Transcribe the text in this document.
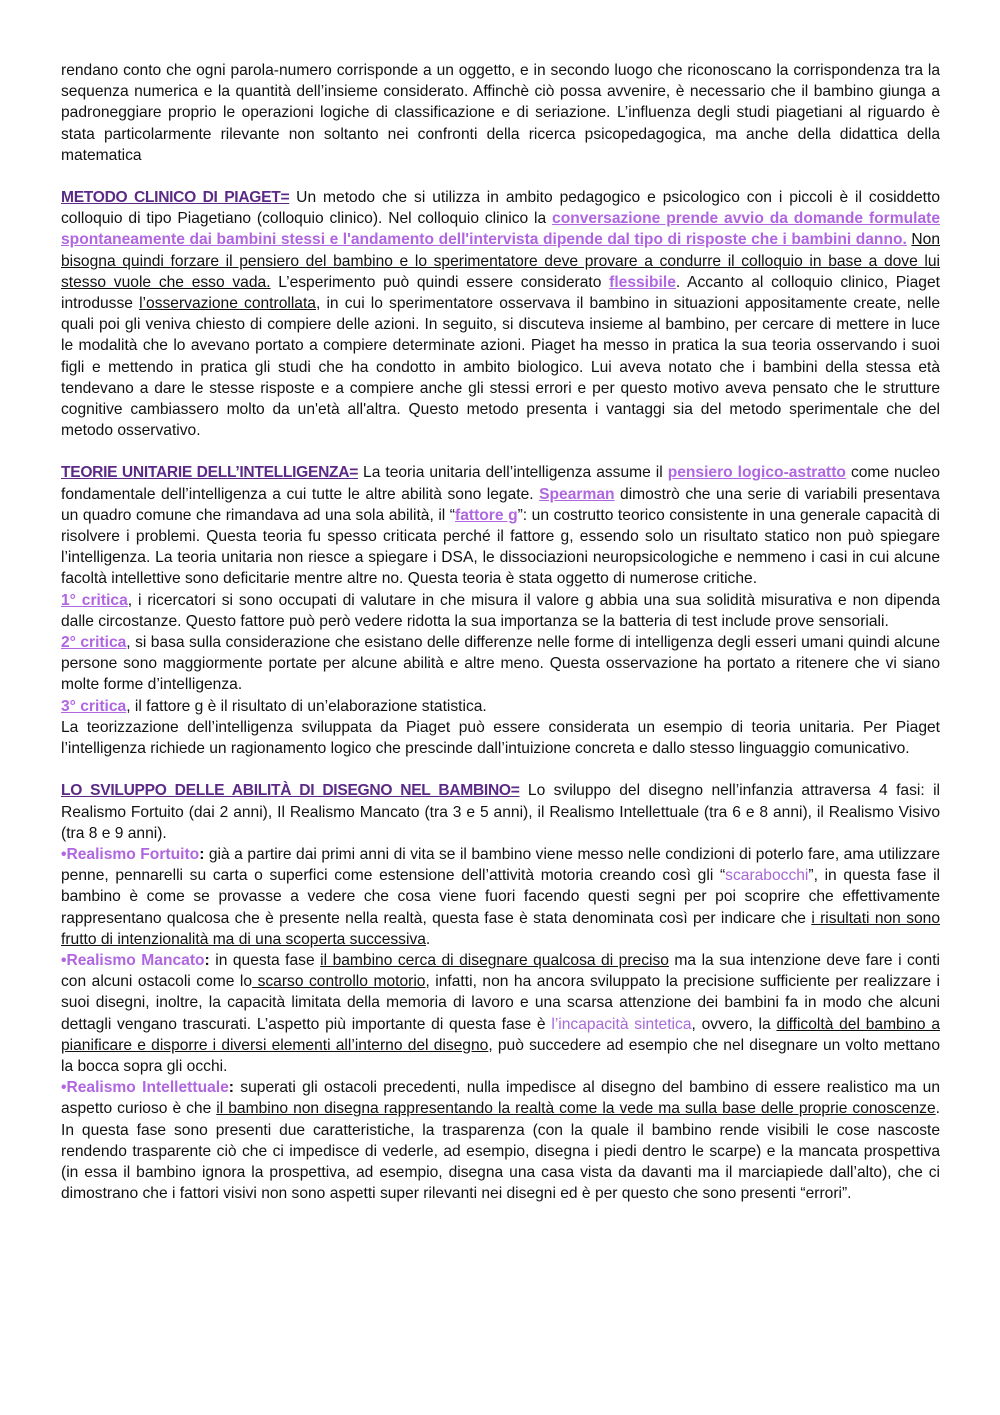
rendano conto che ogni parola-numero corrisponde a un oggetto, e in secondo luogo che riconoscano la corrispondenza tra la sequenza numerica e la quantità dell’insieme considerato. Affinchè ciò possa avvenire, è necessario che il bambino giunga a padroneggiare proprio le operazioni logiche di classificazione e di seriazione. L’influenza degli studi piagetiani al riguardo è stata particolarmente rilevante non soltanto nei confronti della ricerca psicopedagogica, ma anche della didattica della matematica

METODO CLINICO DI PIAGET= Un metodo che si utilizza in ambito pedagogico e psicologico con i piccoli è il cosiddetto colloquio di tipo Piagetiano (colloquio clinico). Nel colloquio clinico la conversazione prende avvio da domande formulate spontaneamente dai bambini stessi e l'andamento dell'intervista dipende dal tipo di risposte che i bambini danno. Non bisogna quindi forzare il pensiero del bambino e lo sperimentatore deve provare a condurre il colloquio in base a dove lui stesso vuole che esso vada. L’esperimento può quindi essere considerato flessibile. Accanto al colloquio clinico, Piaget introdusse l’osservazione controllata, in cui lo sperimentatore osservava il bambino in situazioni appositamente create, nelle quali poi gli veniva chiesto di compiere delle azioni. In seguito, si discuteva insieme al bambino, per cercare di mettere in luce le modalità che lo avevano portato a compiere determinate azioni. Piaget ha messo in pratica la sua teoria osservando i suoi figli e mettendo in pratica gli studi che ha condotto in ambito biologico. Lui aveva notato che i bambini della stessa età tendevano a dare le stesse risposte e a compiere anche gli stessi errori e per questo motivo aveva pensato che le strutture cognitive cambiassero molto da un'età all'altra. Questo metodo presenta i vantaggi sia del metodo sperimentale che del metodo osservativo.

TEORIE UNITARIE DELL’INTELLIGENZA= La teoria unitaria dell’intelligenza assume il pensiero logico-astratto come nucleo fondamentale dell’intelligenza a cui tutte le altre abilità sono legate. Spearman dimostrò che una serie di variabili presentava un quadro comune che rimandava ad una sola abilità, il “fattore g”: un costrutto teorico consistente in una generale capacità di risolvere i problemi. Questa teoria fu spesso criticata perché il fattore g, essendo solo un risultato statico non può spiegare l’intelligenza. La teoria unitaria non riesce a spiegare i DSA, le dissociazioni neuropsicologiche e nemmeno i casi in cui alcune facoltà intellettive sono deficitarie mentre altre no. Questa teoria è stata oggetto di numerose critiche.

1° critica, i ricercatori si sono occupati di valutare in che misura il valore g abbia una sua solidità misurativa e non dipenda dalle circostanze. Questo fattore può però vedere ridotta la sua importanza se la batteria di test include prove sensoriali.

2° critica, si basa sulla considerazione che esistano delle differenze nelle forme di intelligenza degli esseri umani quindi alcune persone sono maggiormente portate per alcune abilità e altre meno. Questa osservazione ha portato a ritenere che vi siano molte forme d’intelligenza.

3° critica, il fattore g è il risultato di un’elaborazione statistica.

La teorizzazione dell’intelligenza sviluppata da Piaget può essere considerata un esempio di teoria unitaria. Per Piaget l’intelligenza richiede un ragionamento logico che prescinde dall’intuizione concreta e dallo stesso linguaggio comunicativo.

LO SVILUPPO DELLE ABILITÀ DI DISEGNO NEL BAMBINO= Lo sviluppo del disegno nell’infanzia attraversa 4 fasi: il Realismo Fortuito (dai 2 anni), Il Realismo Mancato (tra 3 e 5 anni), il Realismo Intellettuale (tra 6 e 8 anni), il Realismo Visivo (tra 8 e 9 anni).

•Realismo Fortuito: già a partire dai primi anni di vita se il bambino viene messo nelle condizioni di poterlo fare, ama utilizzare penne, pennarelli su carta o superfici come estensione dell’attività motoria creando così gli “scarabocchi”, in questa fase il bambino è come se provasse a vedere che cosa viene fuori facendo questi segni per poi scoprire che effettivamente rappresentano qualcosa che è presente nella realtà, questa fase è stata denominata così per indicare che i risultati non sono frutto di intenzionalità ma di una scoperta successiva.

•Realismo Mancato: in questa fase il bambino cerca di disegnare qualcosa di preciso ma la sua intenzione deve fare i conti con alcuni ostacoli come lo scarso controllo motorio, infatti, non ha ancora sviluppato la precisione sufficiente per realizzare i suoi disegni, inoltre, la capacità limitata della memoria di lavoro e una scarsa attenzione dei bambini fa in modo che alcuni dettagli vengano trascurati. L’aspetto più importante di questa fase è l’incapacità sintetica, ovvero, la difficoltà del bambino a pianificare e disporre i diversi elementi all’interno del disegno, può succedere ad esempio che nel disegnare un volto mettano la bocca sopra gli occhi.

•Realismo Intellettuale: superati gli ostacoli precedenti, nulla impedisce al disegno del bambino di essere realistico ma un aspetto curioso è che il bambino non disegna rappresentando la realtà come la vede ma sulla base delle proprie conoscenze. In questa fase sono presenti due caratteristiche, la trasparenza (con la quale il bambino rende visibili le cose nascoste rendendo trasparente ciò che ci impedisce di vederle, ad esempio, disegna i piedi dentro le scarpe) e la mancata prospettiva (in essa il bambino ignora la prospettiva, ad esempio, disegna una casa vista da davanti ma il marciapiede dall’alto), che ci dimostrano che i fattori visivi non sono aspetti super rilevanti nei disegni ed è per questo che sono presenti “errori”.
